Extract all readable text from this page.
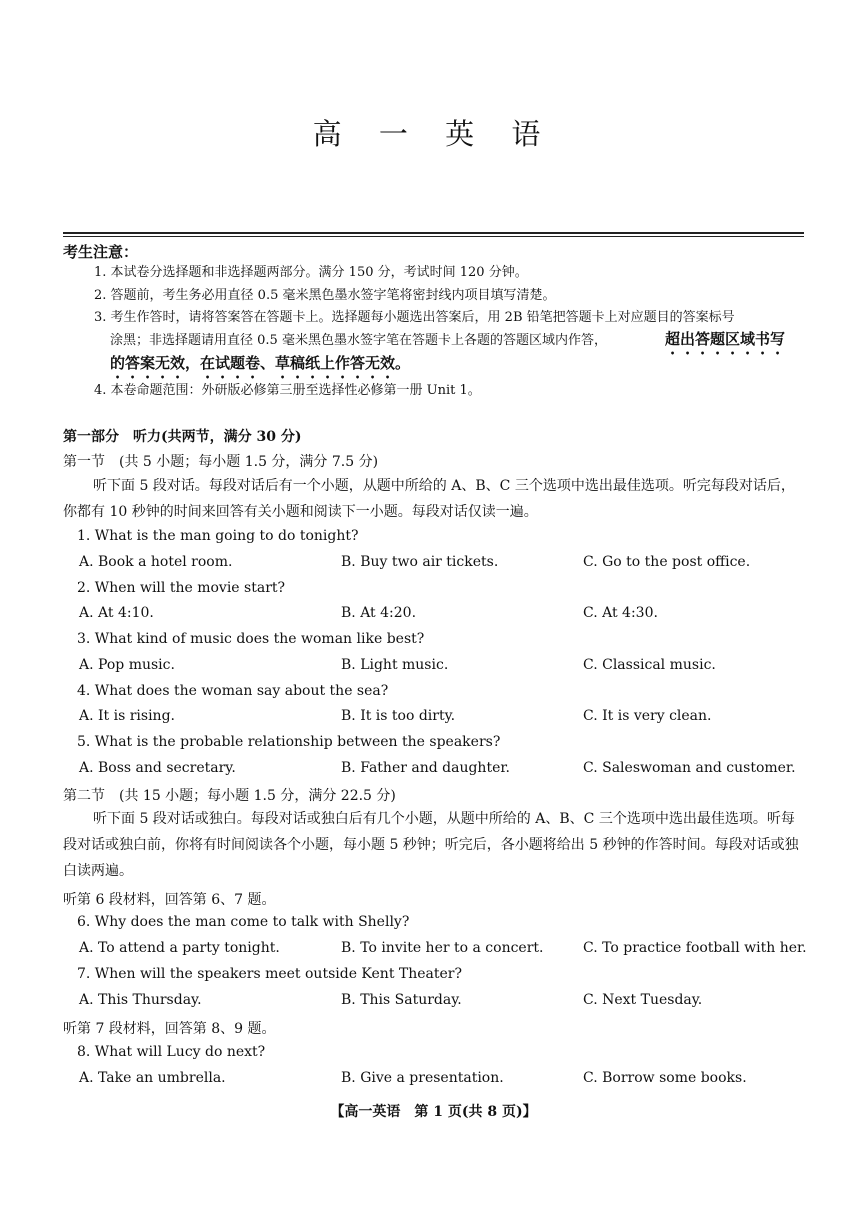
高 一 英 语
考生注意：
1. 本试卷分选择题和非选择题两部分。满分 150 分，考试时间 120 分钟。
2. 答题前，考生务必用直径 0.5 毫米黑色墨水签字笔将密封线内项目填写清楚。
3. 考生作答时，请将答案答在答题卡上。选择题每小题选出答案后，用 2B 铅笔把答题卡上对应题目的答案标号
涂黑；非选择题请用直径 0.5 毫米黑色墨水签字笔在答题卡上各题的答题区域内作答，	超出答题区域书写
的答案无效，在试题卷、草稿纸上作答无效。
4. 本卷命题范围：外研版必修第三册至选择性必修第一册 Unit 1。
第一部分　听力(共两节，满分 30 分)
第一节　(共 5 小题；每小题 1.5 分，满分 7.5 分)
听下面 5 段对话。每段对话后有一个小题，从题中所给的 A、B、C 三个选项中选出最佳选项。听完每段对话后，你都有 10 秒钟的时间来回答有关小题和阅读下一小题。每段对话仅读一遍。
1. What is the man going to do tonight?
A. Book a hotel room.	B. Buy two air tickets.	C. Go to the post office.
2. When will the movie start?
A. At 4:10.	B. At 4:20.	C. At 4:30.
3. What kind of music does the woman like best?
A. Pop music.	B. Light music.	C. Classical music.
4. What does the woman say about the sea?
A. It is rising.	B. It is too dirty.	C. It is very clean.
5. What is the probable relationship between the speakers?
A. Boss and secretary.	B. Father and daughter.	C. Saleswoman and customer.
第二节　(共 15 小题；每小题 1.5 分，满分 22.5 分)
听下面 5 段对话或独白。每段对话或独白后有几个小题，从题中所给的 A、B、C 三个选项中选出最佳选项。听每段对话或独白前，你将有时间阅读各个小题，每小题 5 秒钟；听完后，各小题将给出 5 秒钟的作答时间。每段对话或独白读两遍。
听第 6 段材料，回答第 6、7 题。
6. Why does the man come to talk with Shelly?
A. To attend a party tonight.	B. To invite her to a concert.	C. To practice football with her.
7. When will the speakers meet outside Kent Theater?
A. This Thursday.	B. This Saturday.	C. Next Tuesday.
听第 7 段材料，回答第 8、9 题。
8. What will Lucy do next?
A. Take an umbrella.	B. Give a presentation.	C. Borrow some books.
【高一英语　第 1 页(共 8 页)】
